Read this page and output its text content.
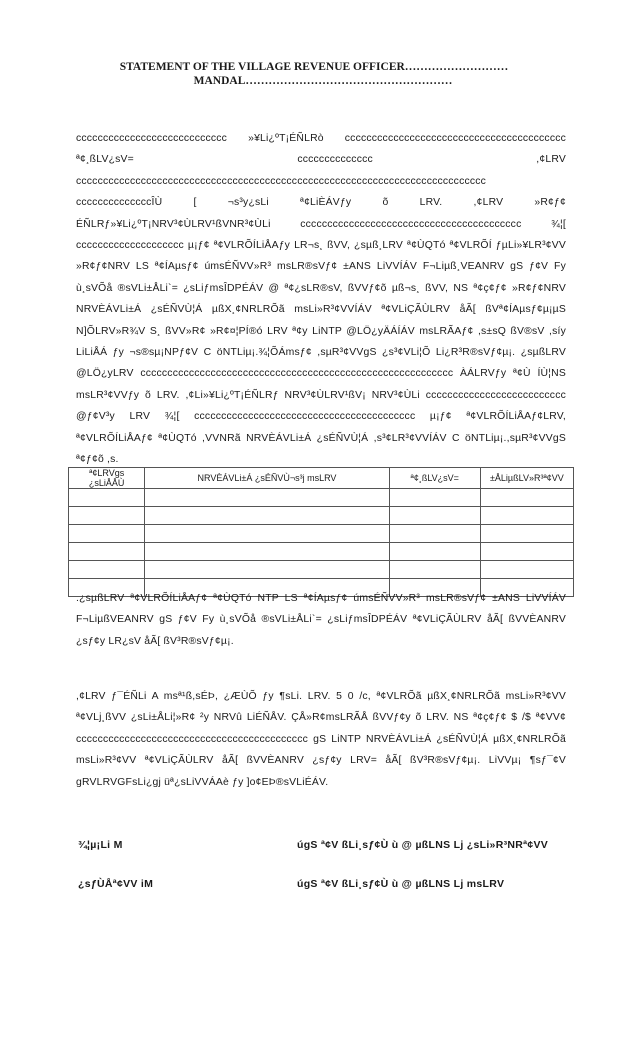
STATEMENT OF THE VILLAGE REVENUE OFFICER………………………
MANDAL………………………………………………
cccccccccccccccccccccccccccc »¥Li¿ºT¡ÉÑLRò ccccccccccccccccccccccccccccccccccccccccc ª¢¸ßLV¿sV= cccccccccccccc ,¢LRV cccccccccccccccccccccccccccccccccccccccccccccccccccccccccccccccccccccccccccc ccccccccccccccÎÙ [ ¬s³y¿sLi ª¢LiÈÁVƒy õ LRV. ,¢LRV »R¢ƒ¢ ÉÑLRƒ»¥Li¿ºT¡NRV³¢ÙLRV¹ßVNR³¢ÙLi ccccccccccccccccccccccccccccccccccccccccc ¾¦[ cccccccccccccccccccc µ¡ƒ¢ ª¢VLRÕÍLiÅAƒy LR¬s¸ ßVV, ¿sµß¸LRV ª¢ÙQTó ª¢VLRÕÍ ƒµLi»¥LR³¢VV »R¢ƒ¢NRV LS ª¢ÍAµsƒ¢ úmsÉÑVV»R³ msLR®sVƒ¢ ±ANS LiVVÍÁV F¬Liµß¸VEANRV gS ƒ¢V Fy ù¸sVÕå ®sVLi±ÅLi`= ¿sLiƒmsÎDPÉÁV @ ª¢¿sLR®sV, ßVVƒ¢õ µß¬s¸ ßVV, NS ª¢ç¢ƒ¢ »R¢ƒ¢NRV NRVÈÁVLi±Á ¿sÉÑVÙ¦Á µßX¸¢NRLRÕã msLi»R³¢VVÍÁV ª¢VLiÇÃÙLRV åÃ[ ßVª¢ÍAµsƒ¢µ¡µS N]ÕLRV»R¾V S¸ ßVV»R¢ »R¢¤¦PÍ®ó LRV ª¢y LiNTP @LÖ¿yÄÁÍÁV msLRÃAƒ¢ ,s±sQ ßV®sV ,síy LiLiÅÁ ƒy ¬s®sµ¡NPƒ¢V C öNTLiµ¡.¾¦ÕÁmsƒ¢ ,sµR³¢VVgS ¿s³¢VLi¦Õ Li¿R³R®sVƒ¢µ¡. ¿sµßLRV @LÖ¿yLRV cccccccccccccccccccccccccccccccccccccccccccccccccccccccccc ÀÁLRVƒy ª¢Ù ÍÙ¦NS msLR³¢VVƒy õ LRV. ,¢Li»¥Li¿ºT¡ÉÑLRƒ NRV³¢ÙLRV¹ßV¡ NRV³¢ÙLi cccccccccccccccccccccccccc @ƒ¢V³y LRV ¾¦[ ccccccccccccccccccccccccccccccccccccccccc µ¡ƒ¢ ª¢VLRÕÍLiÅAƒ¢LRV, ª¢VLRÕÍLiÅAƒ¢ ª¢ÙQTó ,VVNRã NRVÈÁVLi±Á ¿sÉÑVÙ¦Á ,s³¢LR³¢VVÍÁV C öNTLiµ¡.,sµR³¢VVgS ª¢ƒ¢õ ,s.
ª¢LRVgs ¿sLiÅÅÙ	NRVÈÁVLi±Á ¿sÉÑVÙ¬s³j msLRV	ª¢¸ßLV¿sV=	±ÅLiµßLV»R³ª¢VV

.¿sµßLRV ª¢VLRÕÍLiÅAƒ¢ ª¢ÙQTó NTP LS ª¢ÍAµsƒ¢ úmsÉÑVV»R³ msLR®sVƒ¢ ±ANS LiVVÍÁV F¬LiµßVEANRV gS ƒ¢V Fy ù¸sVÕå ®sVLi±ÅLi`= ¿sLiƒmsÎDPÉÁV ª¢VLiÇÃÙLRV åÃ[ ßVVÈANRV ¿sƒ¢y LR¿sV åÃ[ ßV³R®sVƒ¢µ¡.
,¢LRV ƒ¯ÉÑLi A msª¹ß,sÉÞ, ¿ÆÙÕ ƒy ¶sLi. LRV. 5 0 /c, ª¢VLRÕã µßX¸¢NRLRÕã msLi»R³¢VV ª¢VLj¸ßVV ¿sLi±ÅLi¦»R¢ ²y NRVû LiÉÑÅV. ÇÅ»R¢msLRÃÅ ßVVƒ¢y õ LRV. NS ª¢ç¢ƒ¢ $ /$ ª¢VV¢ ccccccccccccccccccccccccccccccccccccccccccc gS LiNTP NRVÈÁVLi±Á ¿sÉÑVÙ¦Á µßX¸¢NRLRÕã msLi»R³¢VV ª¢VLiÇÃÙLRV åÃ[ ßVVÈANRV ¿sƒ¢y LRV= åÃ[ ßV³R®sVƒ¢µ¡. LiVVµ¡ ¶sƒ¯¢V gRVLRVGFsLi¿gj üª¿sLiVVÁAè ƒy ]o¢EÞ®sVLiÉÁV.
¾¦µ¡Li M	úgS ª¢V ßLi¸sƒ¢Ù ù @ µßLNS Lj ¿sLi»R³NRª¢VV
¿sƒÙÅª¢VV iM	úgS ª¢V ßLi¸sƒ¢Ù ù @ µßLNS Lj msLRV
